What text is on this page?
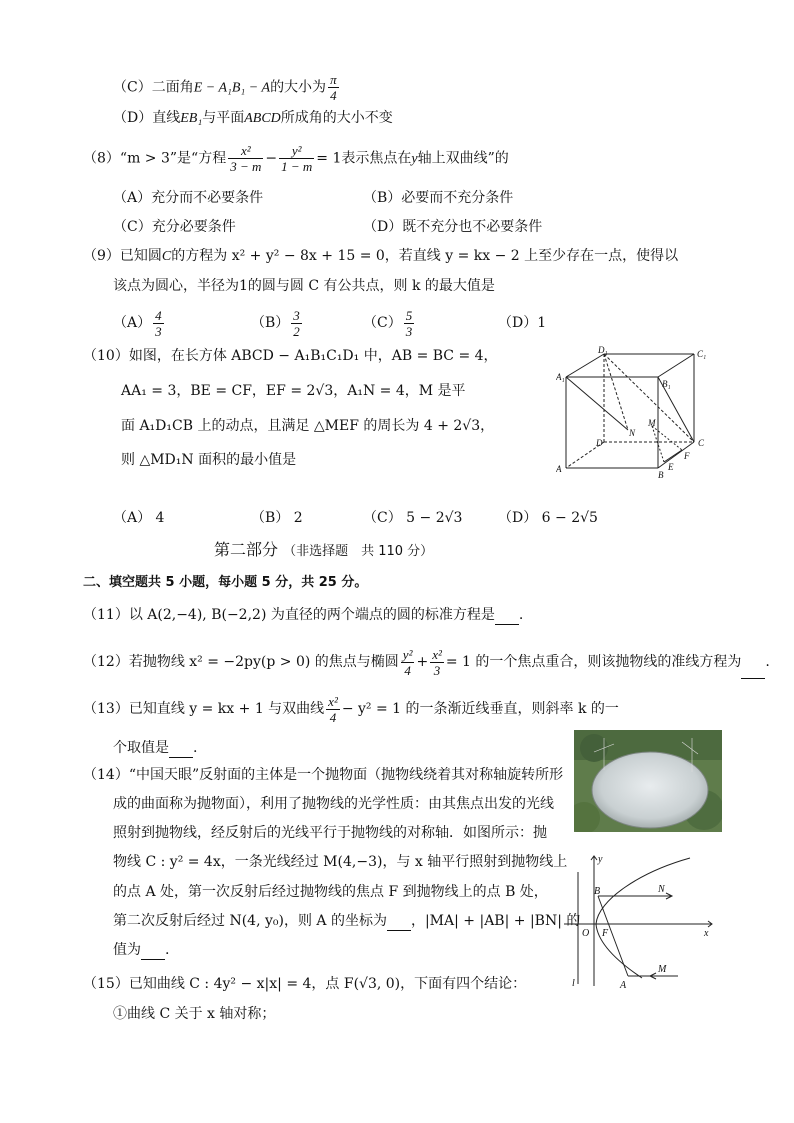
（C）二面角E − A₁B₁ − A的大小为 $\frac{\pi}{4}$
（D）直线EB₁与平面ABCD所成角的大小不变
（8）“m > 3”是“方程 $\frac{\text{x²}}{3 - m} - \frac{\text{y²}}{1 - m} = 1$表示焦点在y轴上双曲线”的
（A）充分而不必要条件	（B）必要而不充分条件
（C）充分必要条件	（D）既不充分也不必要条件
（9）已知圆C的方程为 x² + y² − 8x + 15 = 0，若直线 y = kx − 2 上至少存在一点，使得以
该点为圆心，半径为1的圆与圆 C 有公共点，则 k 的最大值是
$(A) \frac{4}{3}$	$(B) \frac{3}{2}$	$(C) \frac{5}{3}$	（D）1
（10）如图，在长方体 ABCD − A₁B₁C₁D₁ 中，AB = BC = 4，
AA₁ = 3，BE = CF，EF = 2√3，A₁N = 4，M 是平
面 A₁D₁CB 上的动点，且满足 △MEF 的周长为 4 + 2√3，
则 △MD₁N 面积的最小值是
D₁	C₁
A₁
B₁
D
N
M
C
F
E
A
B
（A） 4	（B） 2	（C） 5 − 2√3	（D） 6 − 2√5
第二部分 （非选择题　共 110 分）
二、填空题共 5 小题，每小题 5 分，共 25 分。
（11）以 A(2,−4), B(−2,2) 为直径的两个端点的圆的标准方程是 .
（12）若抛物线 x² = −2py(p > 0) 的焦点与椭圆 $\frac{\text{y²}}{4} + \frac{\text{x²}}{3} = 1$ 的一个焦点重合，则该抛物线的准线方程为 .
（13）已知直线 y = kx + 1 与双曲线 $\frac{\text{x²}}{4} - y^2 = 1$ 的一条渐近线垂直，则斜率 k 的一
个取值是 .
（14）“中国天眼”反射面的主体是一个抛物面（抛物线绕着其对称轴旋转所形
成的曲面称为抛物面），利用了抛物线的光学性质：由其焦点出发的光线
照射到抛物线，经反射后的光线平行于抛物线的对称轴．如图所示：抛
物线 C : y² = 4x，一条光线经过 M(4,−3)，与 x 轴平行照射到抛物线上
的点 A 处，第一次反射后经过抛物线的焦点 F 到抛物线上的点 B 处，
第二次反射后经过 N(4, y₀)，则 A 的坐标为 ，|MA| + |AB| + |BN| 的
值为 .
y
B	N
O F	x
l	A
M
（15）已知曲线 C : 4y² − x|x| = 4，点 F(√3, 0)，下面有四个结论：
①曲线 C 关于 x 轴对称；
